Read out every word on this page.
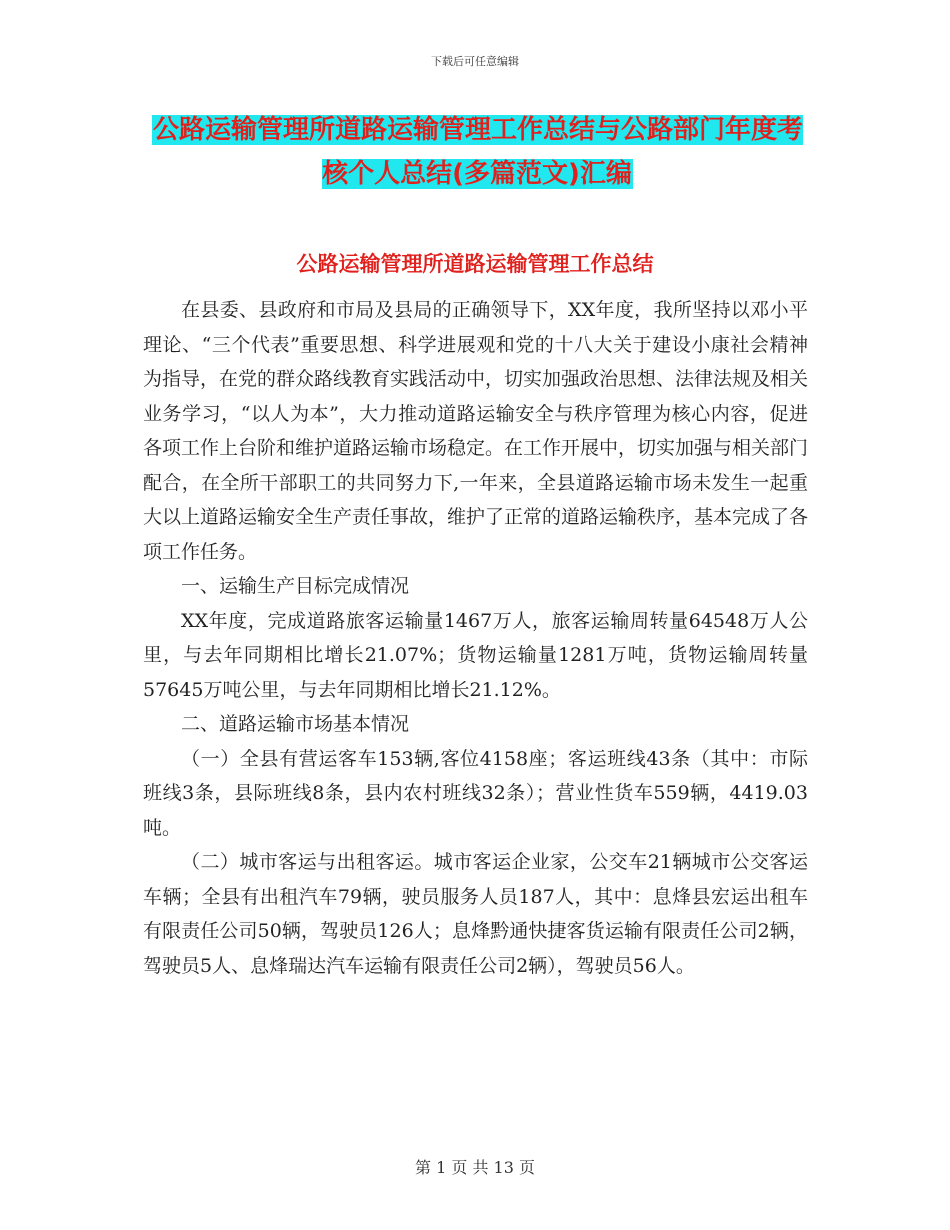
下载后可任意编辑
公路运输管理所道路运输管理工作总结与公路部门年度考核个人总结(多篇范文)汇编
公路运输管理所道路运输管理工作总结

在县委、县政府和市局及县局的正确领导下，XX年度，我所坚持以邓小平理论、“三个代表”重要思想、科学进展观和党的十八大关于建设小康社会精神为指导，在党的群众路线教育实践活动中，切实加强政治思想、法律法规及相关业务学习，“以人为本”，大力推动道路运输安全与秩序管理为核心内容，促进各项工作上台阶和维护道路运输市场稳定。在工作开展中，切实加强与相关部门配合，在全所干部职工的共同努力下,一年来，全县道路运输市场未发生一起重大以上道路运输安全生产责任事故，维护了正常的道路运输秩序，基本完成了各项工作任务。

一、运输生产目标完成情况

XX年度，完成道路旅客运输量1467万人，旅客运输周转量64548万人公里，与去年同期相比增长21.07%；货物运输量1281万吨，货物运输周转量57645万吨公里，与去年同期相比增长21.12%。

二、道路运输市场基本情况

（一）全县有营运客车153辆,客位4158座；客运班线43条（其中：市际班线3条，县际班线8条，县内农村班线32条）；营业性货车559辆，4419.03吨。

（二）城市客运与出租客运。城市客运企业家，公交车21辆城市公交客运车辆；全县有出租汽车79辆，驶员服务人员187人，其中：息烽县宏运出租车有限责任公司50辆，驾驶员126人；息烽黔通快捷客货运输有限责任公司2辆，驾驶员5人、息烽瑞达汽车运输有限责任公司2辆），驾驶员56人。

第 1 页 共 13 页
